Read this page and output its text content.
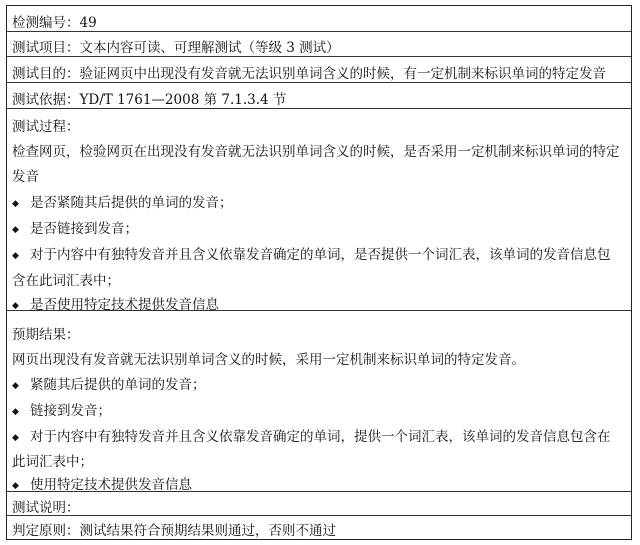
检测编号：49
测试项目：文本内容可读、可理解测试（等级 3 测试）
测试目的：验证网页中出现没有发音就无法识别单词含义的时候，有一定机制来标识单词的特定发音
测试依据：YD/T 1761—2008 第 7.1.3.4 节
测试过程：
检查网页，检验网页在出现没有发音就无法识别单词含义的时候，是否采用一定机制来标识单词的特定
发音
◆ 是否紧随其后提供的单词的发音；
◆ 是否链接到发音；
◆ 对于内容中有独特发音并且含义依靠发音确定的单词，是否提供一个词汇表，该单词的发音信息包
含在此词汇表中；
◆ 是否使用特定技术提供发音信息
预期结果：
网页出现没有发音就无法识别单词含义的时候，采用一定机制来标识单词的特定发音。
◆ 紧随其后提供的单词的发音；
◆ 链接到发音；
◆ 对于内容中有独特发音并且含义依靠发音确定的单词，提供一个词汇表，该单词的发音信息包含在
此词汇表中；
◆ 使用特定技术提供发音信息
测试说明：
判定原则：测试结果符合预期结果则通过，否则不通过
